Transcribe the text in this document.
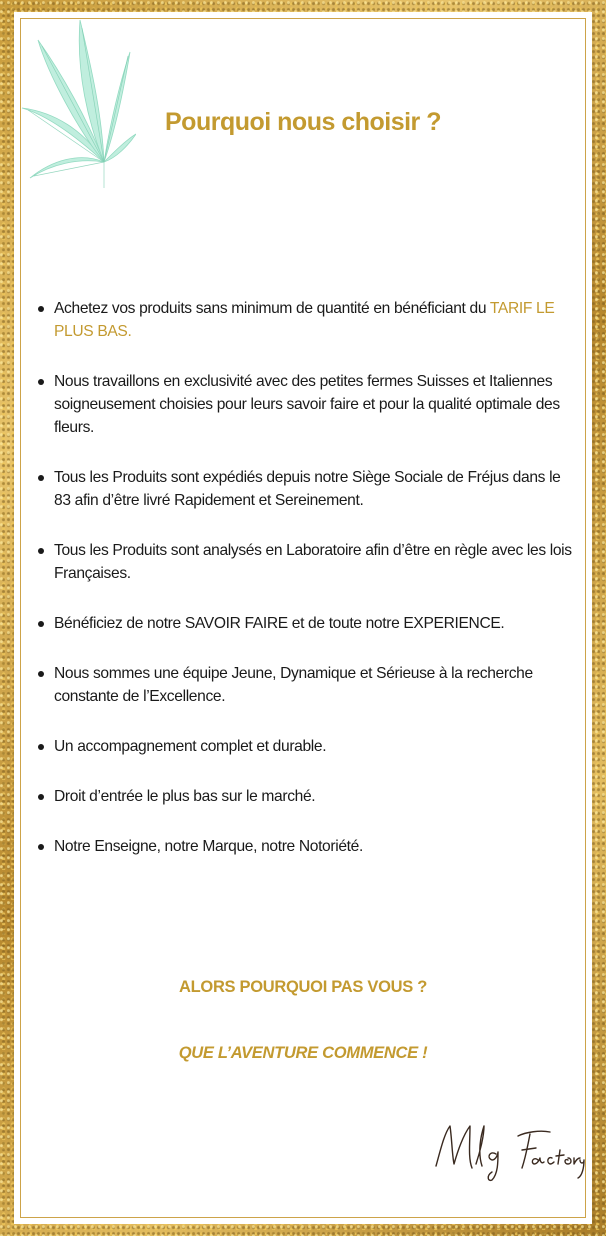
Pourquoi nous choisir ?
Achetez vos produits sans minimum de quantité en bénéficiant du TARIF LE PLUS BAS.
Nous travaillons en exclusivité avec des petites fermes Suisses et Italiennes soigneusement choisies pour leurs savoir faire et pour la qualité optimale des fleurs.
Tous les Produits sont expédiés depuis notre Siège Sociale de Fréjus dans le 83 afin d’être livré Rapidement et Sereinement.
Tous les Produits sont analysés en Laboratoire afin d’être en règle avec les lois Françaises.
Bénéficiez de notre SAVOIR FAIRE et de toute notre EXPERIENCE.
Nous sommes une équipe Jeune, Dynamique et Sérieuse à la recherche constante de l’Excellence.
Un accompagnement complet et durable.
Droit d’entrée le plus bas sur le marché.
Notre Enseigne, notre Marque, notre Notoriété.
ALORS POURQUOI PAS VOUS ?
QUE L’AVENTURE COMMENCE !
